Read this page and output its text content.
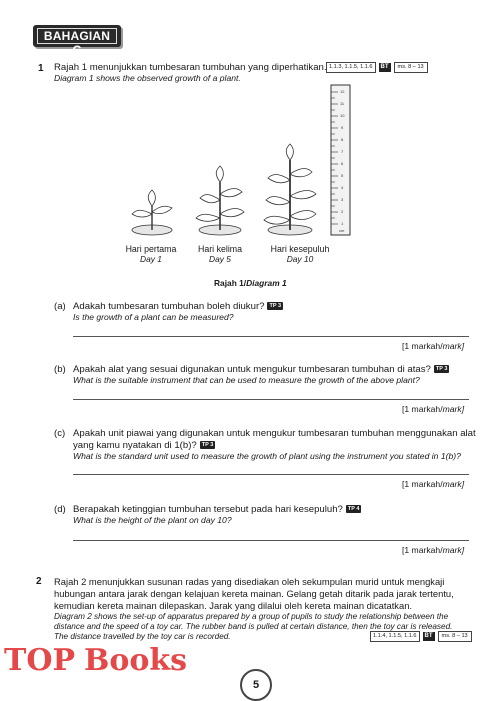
BAHAGIAN C
1 Rajah 1 menunjukkan tumbesaran tumbuhan yang diperhatikan.
Diagram 1 shows the observed growth of a plant.
1.1.3, 1.1.5, 1.1.6	BT	ms. 8 – 13
12
11
10
9
8
7
6
5
4
3
2
1
cm
Hari pertama
Day 1
Hari kelima
Day 5
Hari kesepuluh
Day 10
Rajah 1/Diagram 1
(a) Adakah tumbesaran tumbuhan boleh diukur? TP 3
Is the growth of a plant can be measured?
[1 markah/mark]
(b) Apakah alat yang sesuai digunakan untuk mengukur tumbesaran tumbuhan di atas? TP 3
What is the suitable instrument that can be used to measure the growth of the above plant?
[1 markah/mark]
(c) Apakah unit piawai yang digunakan untuk mengukur tumbesaran tumbuhan menggunakan alat
yang kamu nyatakan di 1(b)? TP 3
What is the standard unit used to measure the growth of plant using the instrument you stated in 1(b)?
[1 markah/mark]
(d) Berapakah ketinggian tumbuhan tersebut pada hari kesepuluh? TP 4
What is the height of the plant on day 10?
[1 markah/mark]
2 Rajah 2 menunjukkan susunan radas yang disediakan oleh sekumpulan murid untuk mengkaji
hubungan antara jarak dengan kelajuan kereta mainan. Gelang getah ditarik pada jarak tertentu,
kemudian kereta mainan dilepaskan. Jarak yang dilalui oleh kereta mainan dicatatkan.
Diagram 2 shows the set-up of apparatus prepared by a group of pupils to study the relationship between the
distance and the speed of a toy car. The rubber band is pulled at certain distance, then the toy car is released.
The distance travelled by the toy car is recorded.	1.1.4, 1.1.5, 1.1.6	BT	ms. 8 – 13
TOP Books
5
